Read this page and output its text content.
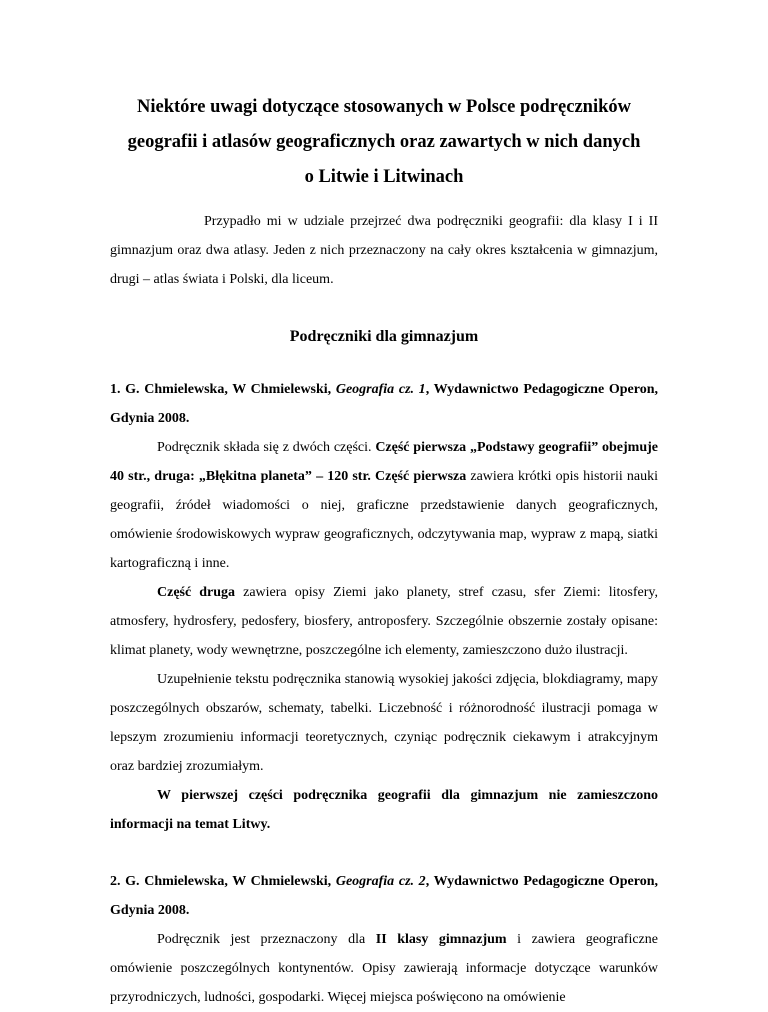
Niektóre uwagi dotyczące stosowanych w Polsce podręczników
geografii i atlasów geograficznych oraz zawartych w nich danych
o Litwie i Litwinach

Przypadło mi w udziale przejrzeć dwa podręczniki geografii: dla klasy I i II gimnazjum oraz dwa atlasy. Jeden z nich przeznaczony na cały okres kształcenia w gimnazjum, drugi – atlas świata i Polski, dla liceum.

Podręczniki dla gimnazjum

1. G. Chmielewska, W Chmielewski, Geografia cz. 1, Wydawnictwo Pedagogiczne Operon, Gdynia 2008.

Podręcznik składa się z dwóch części. Część pierwsza „Podstawy geografii” obejmuje 40 str., druga: „Błękitna planeta” – 120 str. Część pierwsza zawiera krótki opis historii nauki geografii, źródeł wiadomości o niej, graficzne przedstawienie danych geograficznych, omówienie środowiskowych wypraw geograficznych, odczytywania map, wypraw z mapą, siatki kartograficzną i inne.

Część druga zawiera opisy Ziemi jako planety, stref czasu, sfer Ziemi: litosfery, atmosfery, hydrosfery, pedosfery, biosfery, antroposfery. Szczególnie obszernie zostały opisane: klimat planety, wody wewnętrzne, poszczególne ich elementy, zamieszczono dużo ilustracji.

Uzupełnienie tekstu podręcznika stanowią wysokiej jakości zdjęcia, blokdiagramy, mapy poszczególnych obszarów, schematy, tabelki. Liczebność i różnorodność ilustracji pomaga w lepszym zrozumieniu informacji teoretycznych, czyniąc podręcznik ciekawym i atrakcyjnym oraz bardziej zrozumiałym.

W pierwszej części podręcznika geografii dla gimnazjum nie zamieszczono informacji na temat Litwy.

2. G. Chmielewska, W Chmielewski, Geografia cz. 2, Wydawnictwo Pedagogiczne Operon, Gdynia 2008.

Podręcznik jest przeznaczony dla II klasy gimnazjum i zawiera geograficzne omówienie poszczególnych kontynentów. Opisy zawierają informacje dotyczące warunków przyrodniczych, ludności, gospodarki. Więcej miejsca poświęcono na omówienie
